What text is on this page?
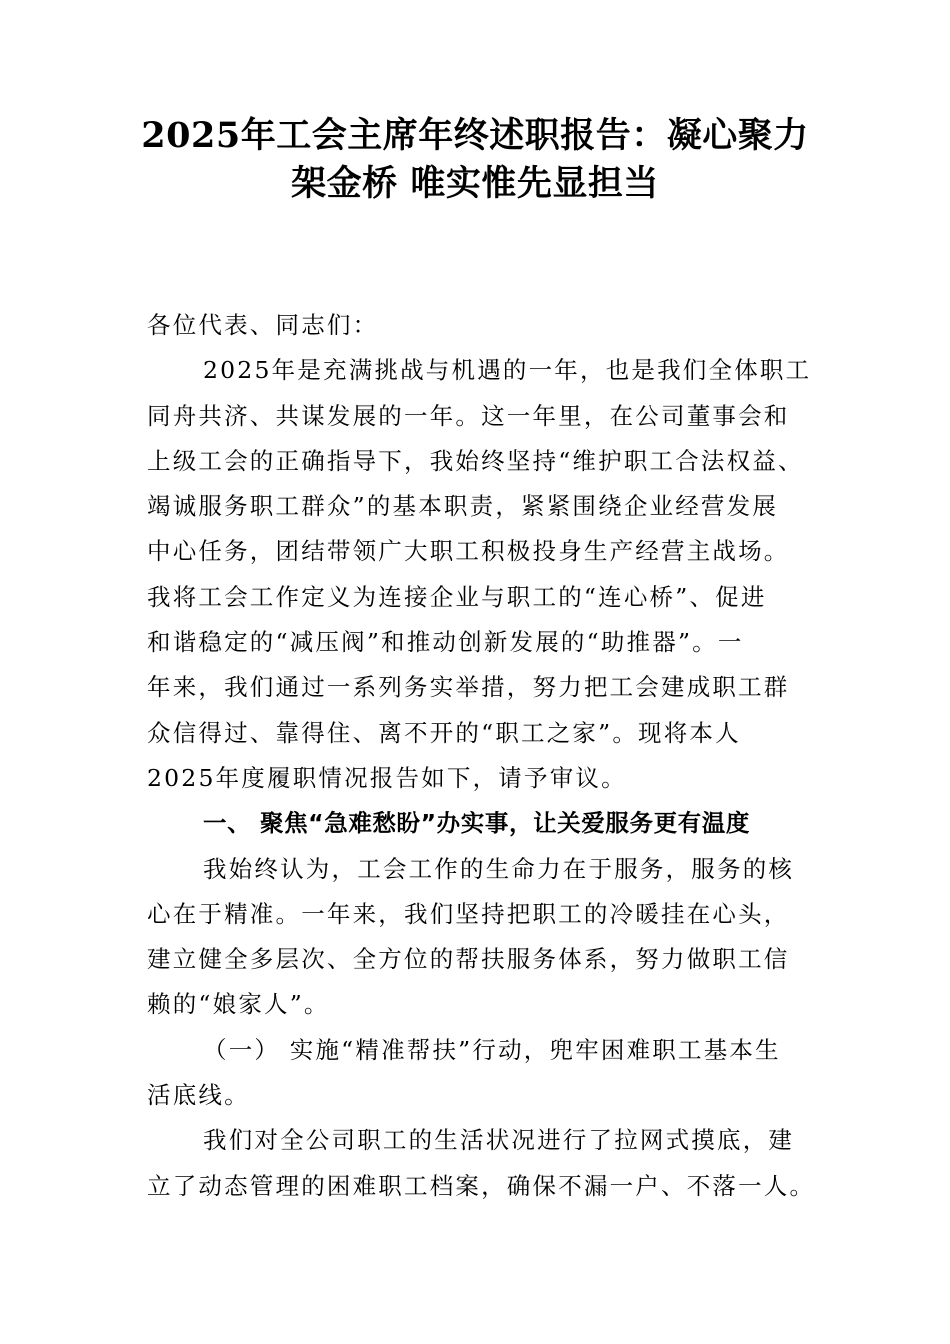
2025年工会主席年终述职报告：凝心聚力
架金桥 唯实惟先显担当
各位代表、同志们：
2025年是充满挑战与机遇的一年，也是我们全体职工
同舟共济、共谋发展的一年。这一年里，在公司董事会和
上级工会的正确指导下，我始终坚持“维护职工合法权益、
竭诚服务职工群众”的基本职责，紧紧围绕企业经营发展
中心任务，团结带领广大职工积极投身生产经营主战场。
我将工会工作定义为连接企业与职工的“连心桥”、促进
和谐稳定的“减压阀”和推动创新发展的“助推器”。一
年来，我们通过一系列务实举措，努力把工会建成职工群
众信得过、靠得住、离不开的“职工之家”。现将本人
2025年度履职情况报告如下，请予审议。
一、 聚焦“急难愁盼”办实事，让关爱服务更有温度
我始终认为，工会工作的生命力在于服务，服务的核
心在于精准。一年来，我们坚持把职工的冷暖挂在心头，
建立健全多层次、全方位的帮扶服务体系，努力做职工信
赖的“娘家人”。
（一） 实施“精准帮扶”行动，兜牢困难职工基本生
活底线。
我们对全公司职工的生活状况进行了拉网式摸底，建
立了动态管理的困难职工档案，确保不漏一户、不落一人。
